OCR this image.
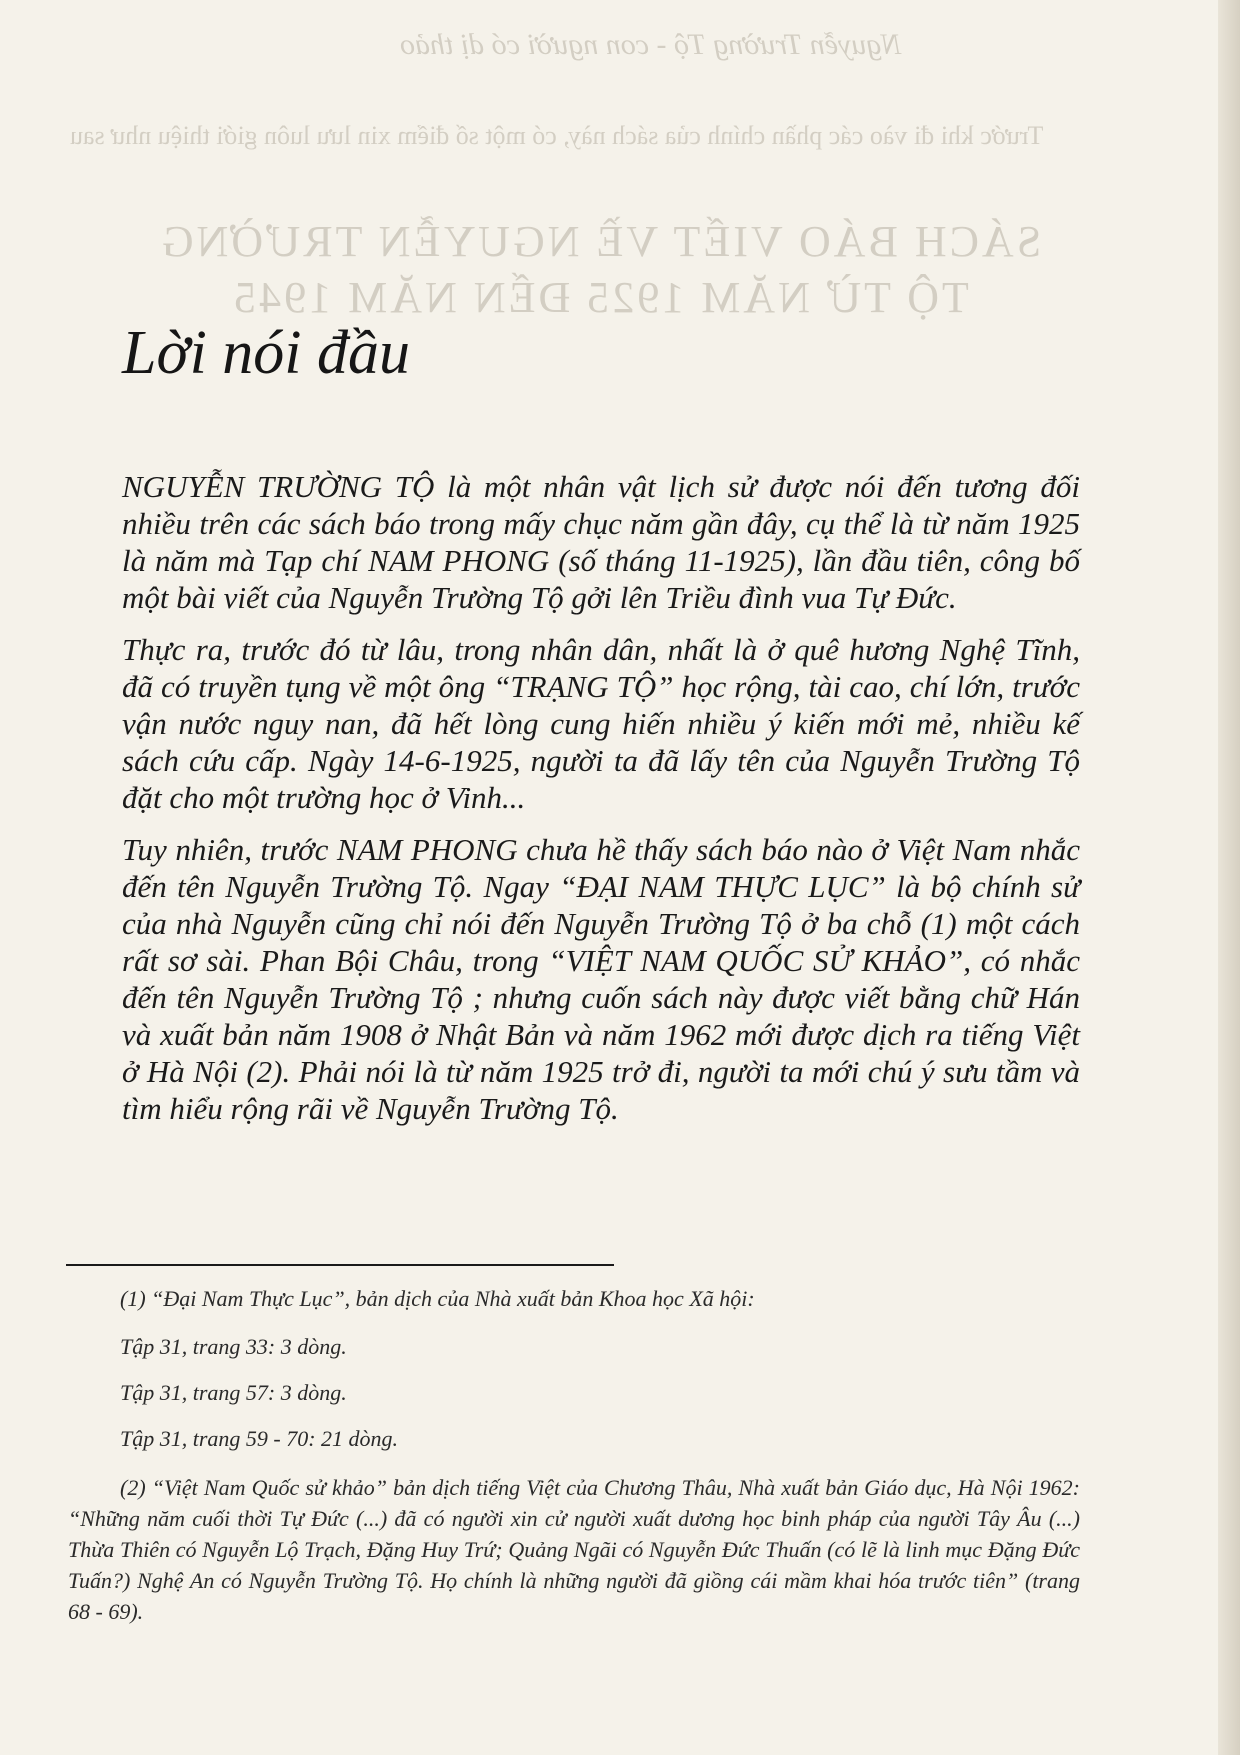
Nguyễn Trường Tộ - con người có dị thảo
Trước khi đi vào các phần chính của sách này, có một số điểm xin lưu luôn giới thiệu như sau
SÁCH BÁO VIẾT VỀ NGUYỄN TRƯỜNG TỘ TỪ NĂM 1925 ĐẾN NĂM 1945
Lời nói đầu

NGUYỄN TRƯỜNG TỘ là một nhân vật lịch sử được nói đến tương đối nhiều trên các sách báo trong mấy chục năm gần đây, cụ thể là từ năm 1925 là năm mà Tạp chí NAM PHONG (số tháng 11-1925), lần đầu tiên, công bố một bài viết của Nguyễn Trường Tộ gởi lên Triều đình vua Tự Đức.

Thực ra, trước đó từ lâu, trong nhân dân, nhất là ở quê hương Nghệ Tĩnh, đã có truyền tụng về một ông “TRẠNG TỘ” học rộng, tài cao, chí lớn, trước vận nước nguy nan, đã hết lòng cung hiến nhiều ý kiến mới mẻ, nhiều kế sách cứu cấp. Ngày 14-6-1925, người ta đã lấy tên của Nguyễn Trường Tộ đặt cho một trường học ở Vinh...

Tuy nhiên, trước NAM PHONG chưa hề thấy sách báo nào ở Việt Nam nhắc đến tên Nguyễn Trường Tộ. Ngay “ĐẠI NAM THỰC LỤC” là bộ chính sử của nhà Nguyễn cũng chỉ nói đến Nguyễn Trường Tộ ở ba chỗ (1) một cách rất sơ sài. Phan Bội Châu, trong “VIỆT NAM QUỐC SỬ KHẢO”, có nhắc đến tên Nguyễn Trường Tộ ; nhưng cuốn sách này được viết bằng chữ Hán và xuất bản năm 1908 ở Nhật Bản và năm 1962 mới được dịch ra tiếng Việt ở Hà Nội (2). Phải nói là từ năm 1925 trở đi, người ta mới chú ý sưu tầm và tìm hiểu rộng rãi về Nguyễn Trường Tộ.

(1) “Đại Nam Thực Lục”, bản dịch của Nhà xuất bản Khoa học Xã hội:
Tập 31, trang 33: 3 dòng.
Tập 31, trang 57: 3 dòng.
Tập 31, trang 59 - 70: 21 dòng.
(2) “Việt Nam Quốc sử khảo” bản dịch tiếng Việt của Chương Thâu, Nhà xuất bản Giáo dục, Hà Nội 1962: “Những năm cuối thời Tự Đức (...) đã có người xin cử người xuất dương học binh pháp của người Tây Âu (...) Thừa Thiên có Nguyễn Lộ Trạch, Đặng Huy Trứ; Quảng Ngãi có Nguyễn Đức Thuấn (có lẽ là linh mục Đặng Đức Tuấn?) Nghệ An có Nguyễn Trường Tộ. Họ chính là những người đã giồng cái mầm khai hóa trước tiên” (trang 68 - 69).
